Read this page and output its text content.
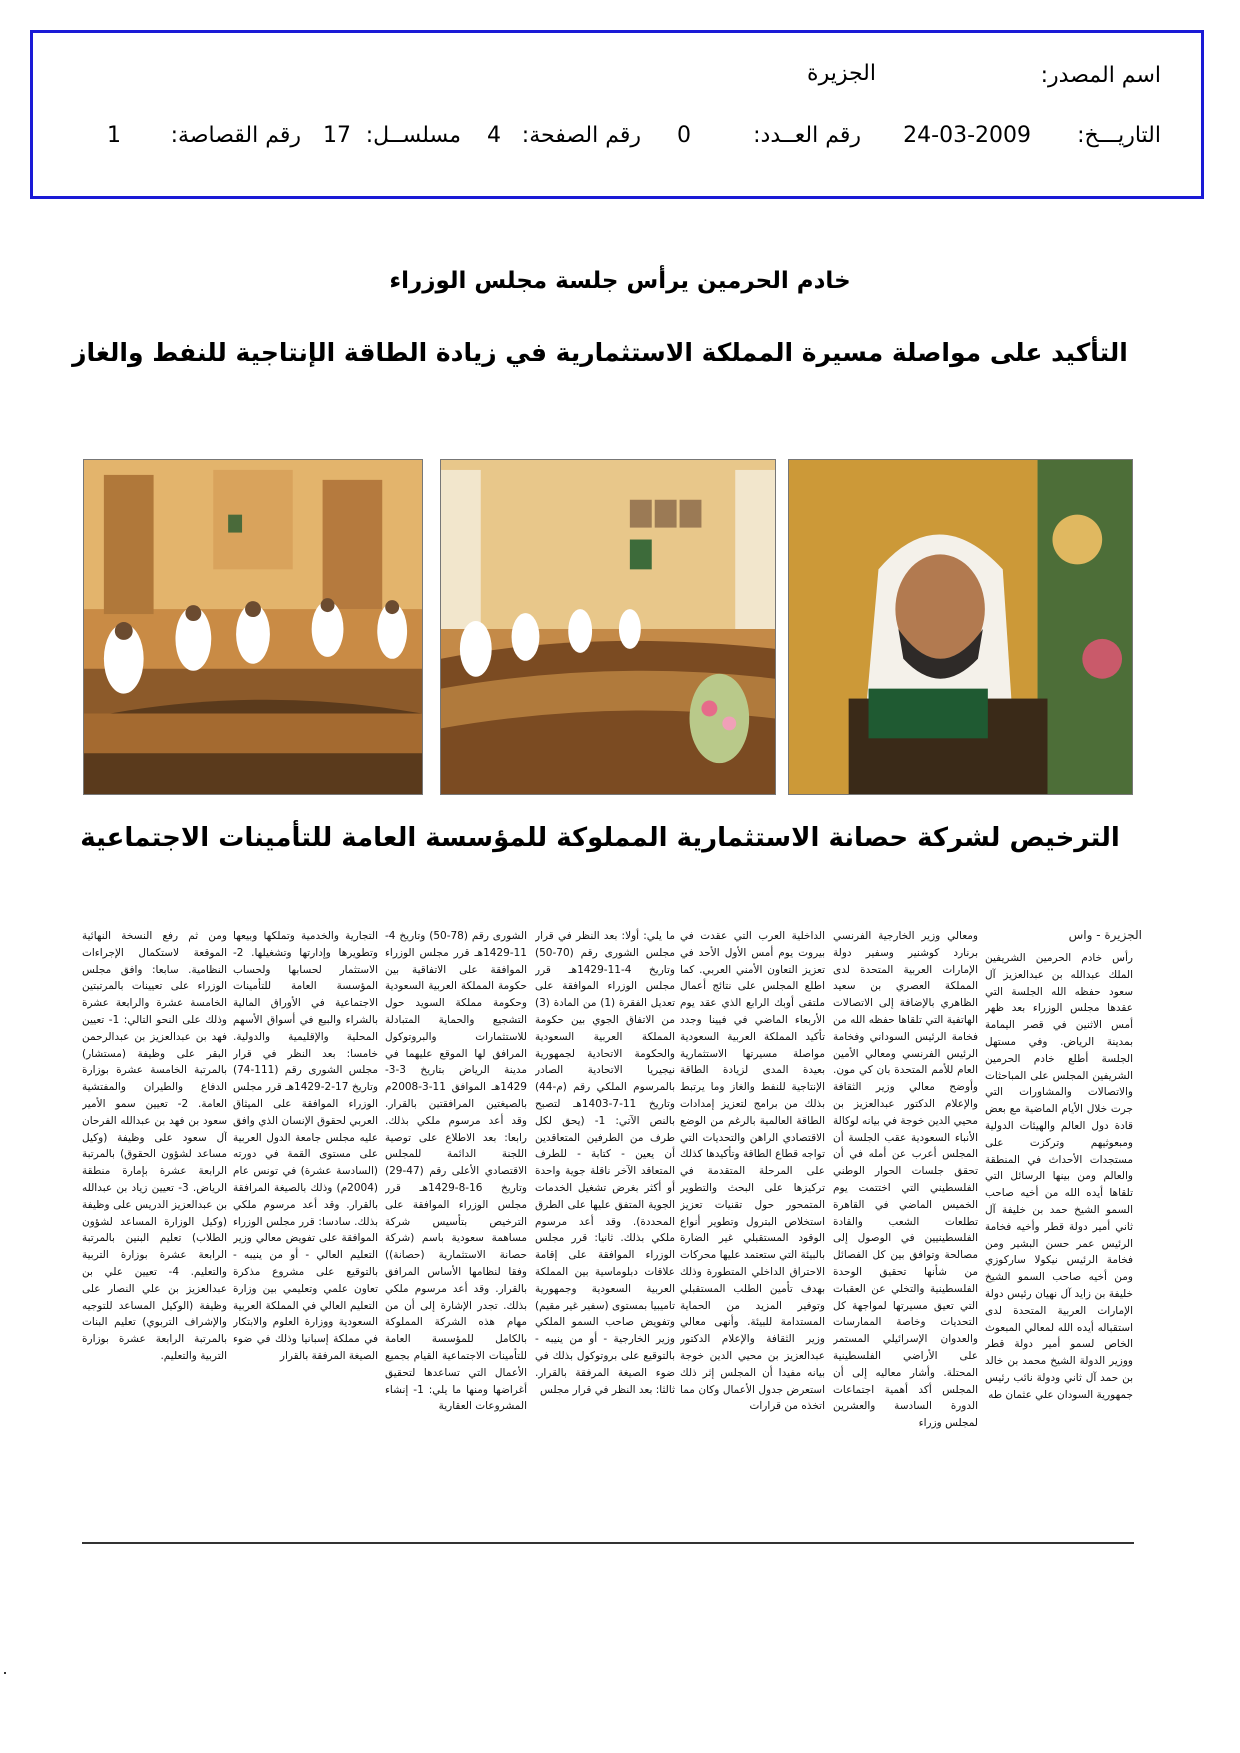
اسم المصدر:
الجزيرة
التاريـــخ:
24-03-2009
رقم العــدد:
0
رقم الصفحة:
4
مسلســل:
17
رقم القصاصة:
1
خادم الحرمين يرأس جلسة مجلس الوزراء
التأكيد على مواصلة مسيرة المملكة الاستثمارية في زيادة الطاقة الإنتاجية للنفط والغاز
الترخيص لشركة حصانة الاستثمارية المملوكة للمؤسسة العامة للتأمينات الاجتماعية
الجزيرة - واس

رأس خادم الحرمين الشريفين الملك عبدالله بن عبدالعزيز آل سعود حفظه الله الجلسة التي عقدها مجلس الوزراء بعد ظهر أمس الاثنين في قصر اليمامة بمدينة الرياض. وفي مستهل الجلسة أطلع خادم الحرمين الشريفين المجلس على المباحثات والاتصالات والمشاورات التي جرت خلال الأيام الماضية مع بعض قادة دول العالم والهيئات الدولية ومبعوثيهم وتركزت على مستجدات الأحداث في المنطقة والعالم ومن بينها الرسائل التي تلقاها أيده الله من أخيه صاحب السمو الشيخ حمد بن خليفة آل ثاني أمير دولة قطر وأخيه فخامة الرئيس عمر حسن البشير ومن فخامة الرئيس نيكولا ساركوزي ومن أخيه صاحب السمو الشيخ خليفة بن زايد آل نهيان رئيس دولة الإمارات العربية المتحدة لدى استقباله أيده الله لمعالي المبعوث الخاص لسمو أمير دولة قطر ووزير الدولة الشيخ محمد بن خالد بن حمد آل ثاني ودولة نائب رئيس جمهورية السودان علي عثمان طه

ومعالي وزير الخارجية الفرنسي برنارد كوشنير وسفير دولة الإمارات العربية المتحدة لدى المملكة العصري بن سعيد الظاهري بالإضافة إلى الاتصالات الهاتفية التي تلقاها حفظه الله من فخامة الرئيس السوداني وفخامة الرئيس الفرنسي ومعالي الأمين العام للأمم المتحدة بان كي مون. وأوضح معالي وزير الثقافة والإعلام الدكتور عبدالعزيز بن محيي الدين خوجة في بيانه لوكالة الأنباء السعودية عقب الجلسة أن المجلس أعرب عن أمله في أن تحقق جلسات الحوار الوطني الفلسطيني التي اختتمت يوم الخميس الماضي في القاهرة تطلعات الشعب والقادة الفلسطينيين في الوصول إلى مصالحة وتوافق بين كل الفصائل من شأنها تحقيق الوحدة الفلسطينية والتخلي عن العقبات التي تعيق مسيرتها لمواجهة كل التحديات وخاصة الممارسات والعدوان الإسرائيلي المستمر على الأراضي الفلسطينية المحتلة. وأشار معاليه إلى أن المجلس أكد أهمية اجتماعات الدورة السادسة والعشرين لمجلس وزراء

الداخلية العرب التي عقدت في بيروت يوم أمس الأول الأحد في تعزيز التعاون الأمني العربي. كما اطلع المجلس على نتائج أعمال ملتقى أوبك الرابع الذي عقد يوم الأربعاء الماضي في فيينا وجدد تأكيد المملكة العربية السعودية مواصلة مسيرتها الاستثمارية بعيدة المدى لزيادة الطاقة الإنتاجية للنفط والغاز وما يرتبط بذلك من برامج لتعزيز إمدادات الطاقة العالمية بالرغم من الوضع الاقتصادي الراهن والتحديات التي تواجه قطاع الطاقة وتأكيدها كذلك على المرحلة المتقدمة في تركيزها على البحث والتطوير المتمحور حول تقنيات تعزيز استخلاص البترول وتطوير أنواع الوقود المستقبلي غير الضارة بالبيئة التي ستعتمد عليها محركات الاحتراق الداخلي المتطورة وذلك بهدف تأمين الطلب المستقبلي وتوفير المزيد من الحماية المستدامة للبيئة. وأنهى معالي وزير الثقافة والإعلام الدكتور عبدالعزيز بن محيي الدين خوجة بيانه مفيدا أن المجلس إثر ذلك استعرض جدول الأعمال وكان مما اتخذه من قرارات

ما يلي: أولا: بعد النظر في قرار مجلس الشورى رقم (70-50) وتاريخ 4-11-1429هـ قرر مجلس الوزراء الموافقة على تعديل الفقرة (1) من المادة (3) من الاتفاق الجوي بين حكومة المملكة العربية السعودية والحكومة الاتحادية لجمهورية نيجيريا الاتحادية الصادر بالمرسوم الملكي رقم (م-44) وتاريخ 11-7-1403هـ لتصبح بالنص الآتي: 1- (يحق لكل طرف من الطرفين المتعاقدين أن يعين - كتابة - للطرف المتعاقد الآخر ناقلة جوية واحدة أو أكثر بغرض تشغيل الخدمات الجوية المتفق عليها على الطرق المحددة). وقد أعد مرسوم ملكي بذلك. ثانيا: قرر مجلس الوزراء الموافقة على إقامة علاقات دبلوماسية بين المملكة العربية السعودية وجمهورية تاميبيا بمستوى (سفير غير مقيم) وتفويض صاحب السمو الملكي وزير الخارجية - أو من ينيبه - بالتوقيع على بروتوكول بذلك في ضوء الصيغة المرفقة بالقرار. ثالثا: بعد النظر في قرار مجلس

الشورى رقم (78-50) وتاريخ 4-11-1429هـ قرر مجلس الوزراء الموافقة على الاتفاقية بين حكومة المملكة العربية السعودية وحكومة مملكة السويد حول التشجيع والحماية المتبادلة للاستثمارات والبروتوكول المرافق لها الموقع عليهما في مدينة الرياض بتاريخ 3-3-1429هـ الموافق 11-3-2008م بالصيغتين المرافقتين بالقرار. وقد أعد مرسوم ملكي بذلك. رابعا: بعد الاطلاع على توصية اللجنة الدائمة للمجلس الاقتصادي الأعلى رقم (47-29) وتاريخ 16-8-1429هـ قرر مجلس الوزراء الموافقة على الترخيص بتأسيس شركة مساهمة سعودية باسم (شركة حصانة الاستثمارية (حصانة)) وفقا لنظامها الأساس المرافق بالقرار. وقد أعد مرسوم ملكي بذلك. تجدر الإشارة إلى أن من مهام هذه الشركة المملوكة بالكامل للمؤسسة العامة للتأمينات الاجتماعية القيام بجميع الأعمال التي تساعدها لتحقيق أغراضها ومنها ما يلي: 1- إنشاء المشروعات العقارية

التجارية والخدمية وتملكها وبيعها وتطويرها وإدارتها وتشغيلها. 2- الاستثمار لحسابها ولحساب المؤسسة العامة للتأمينات الاجتماعية في الأوراق المالية بالشراء والبيع في أسواق الأسهم المحلية والإقليمية والدولية. خامسا: بعد النظر في قرار مجلس الشورى رقم (111-74) وتاريخ 17-2-1429هـ قرر مجلس الوزراء الموافقة على الميثاق العربي لحقوق الإنسان الذي وافق عليه مجلس جامعة الدول العربية على مستوى القمة في دورته (السادسة عشرة) في تونس عام (2004م) وذلك بالصيغة المرافقة بالقرار. وقد أعد مرسوم ملكي بذلك. سادسا: قرر مجلس الوزراء الموافقة على تفويض معالي وزير التعليم العالي - أو من ينيبه - بالتوقيع على مشروع مذكرة تعاون علمي وتعليمي بين وزارة التعليم العالي في المملكة العربية السعودية ووزارة العلوم والابتكار في مملكة إسبانيا وذلك في ضوء الصيغة المرفقة بالقرار

ومن ثم رفع النسخة النهائية الموقعة لاستكمال الإجراءات النظامية. سابعا: وافق مجلس الوزراء على تعيينات بالمرتبتين الخامسة عشرة والرابعة عشرة وذلك على النحو التالي: 1- تعيين فهد بن عبدالعزيز بن عبدالرحمن البقر على وظيفة (مستشار) بالمرتبة الخامسة عشرة بوزارة الدفاع والطيران والمفتشية العامة. 2- تعيين سمو الأمير سعود بن فهد بن عبدالله الفرحان آل سعود على وظيفة (وكيل مساعد لشؤون الحقوق) بالمرتبة الرابعة عشرة بإمارة منطقة الرياض. 3- تعيين زياد بن عبدالله بن عبدالعزيز الدريس على وظيفة (وكيل الوزارة المساعد لشؤون الطلاب) تعليم البنين بالمرتبة الرابعة عشرة بوزارة التربية والتعليم. 4- تعيين علي بن عبدالعزيز بن علي النصار على وظيفة (الوكيل المساعد للتوجيه والإشراف التربوي) تعليم البنات بالمرتبة الرابعة عشرة بوزارة التربية والتعليم.
